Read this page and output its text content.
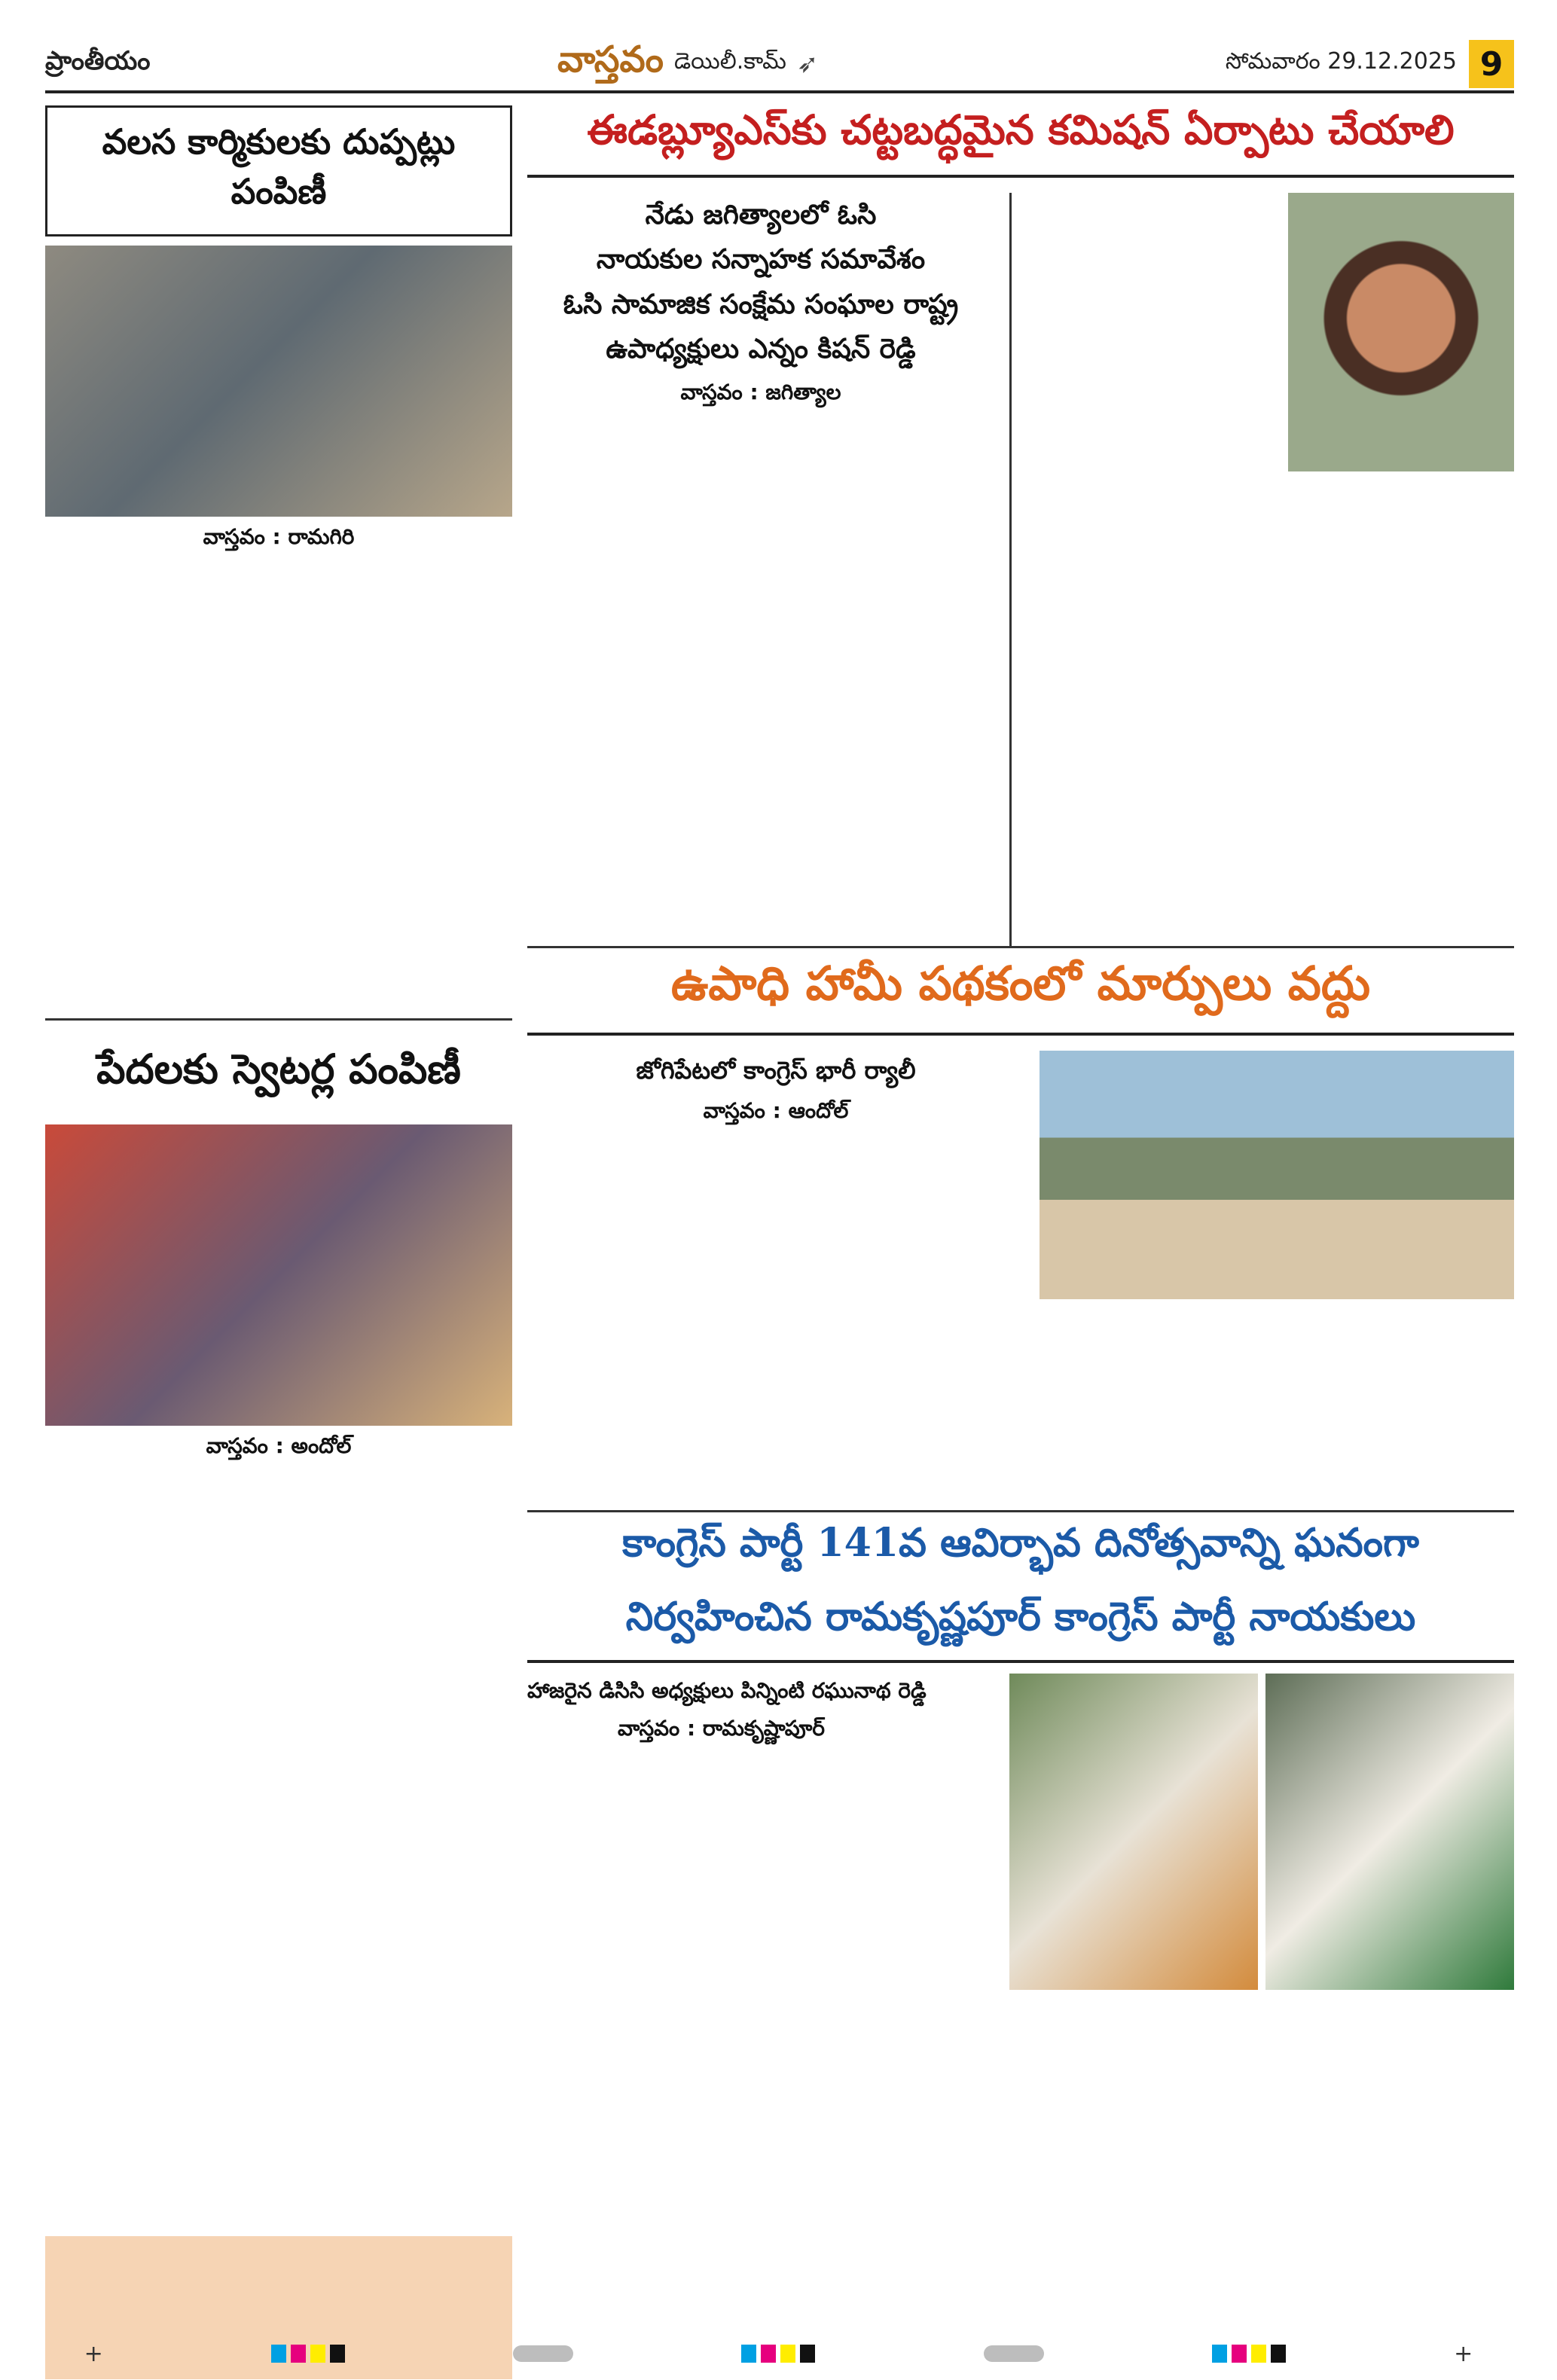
ప్రాంతీయం	వాస్తవం డెయిలీ.కామ్ ➶	సోమవారం 29.12.2025 9
వలస కార్మికులకు దుప్పట్లు పంపిణీ
వాస్తవం : రామగిరి
పేదలకు స్వెటర్ల పంపిణీ
వాస్తవం : అందోల్
ఈడబ్ల్యూఎస్‌కు చట్టబద్ధమైన కమిషన్ ఏర్పాటు చేయాలి
నేడు జగిత్యాలలో ఓసి
నాయకుల సన్నాహక సమావేశం
ఓసి సామాజిక సంక్షేమ సంఘాల రాష్ట్ర
ఉపాధ్యక్షులు ఎన్నం కిషన్ రెడ్డి
వాస్తవం : జగిత్యాల
ఉపాధి హామీ పథకంలో మార్పులు వద్దు
జోగిపేటలో కాంగ్రెస్ భారీ ర్యాలీ
వాస్తవం : ఆందోల్
కాంగ్రెస్ పార్టీ 141వ ఆవిర్భావ దినోత్సవాన్ని ఘనంగా
నిర్వహించిన రామకృష్ణపూర్ కాంగ్రెస్ పార్టీ నాయకులు
హాజరైన డిసిసి అధ్యక్షులు పిన్నింటి రఘునాథ రెడ్డి
వాస్తవం : రామకృష్ణాపూర్
+	+
